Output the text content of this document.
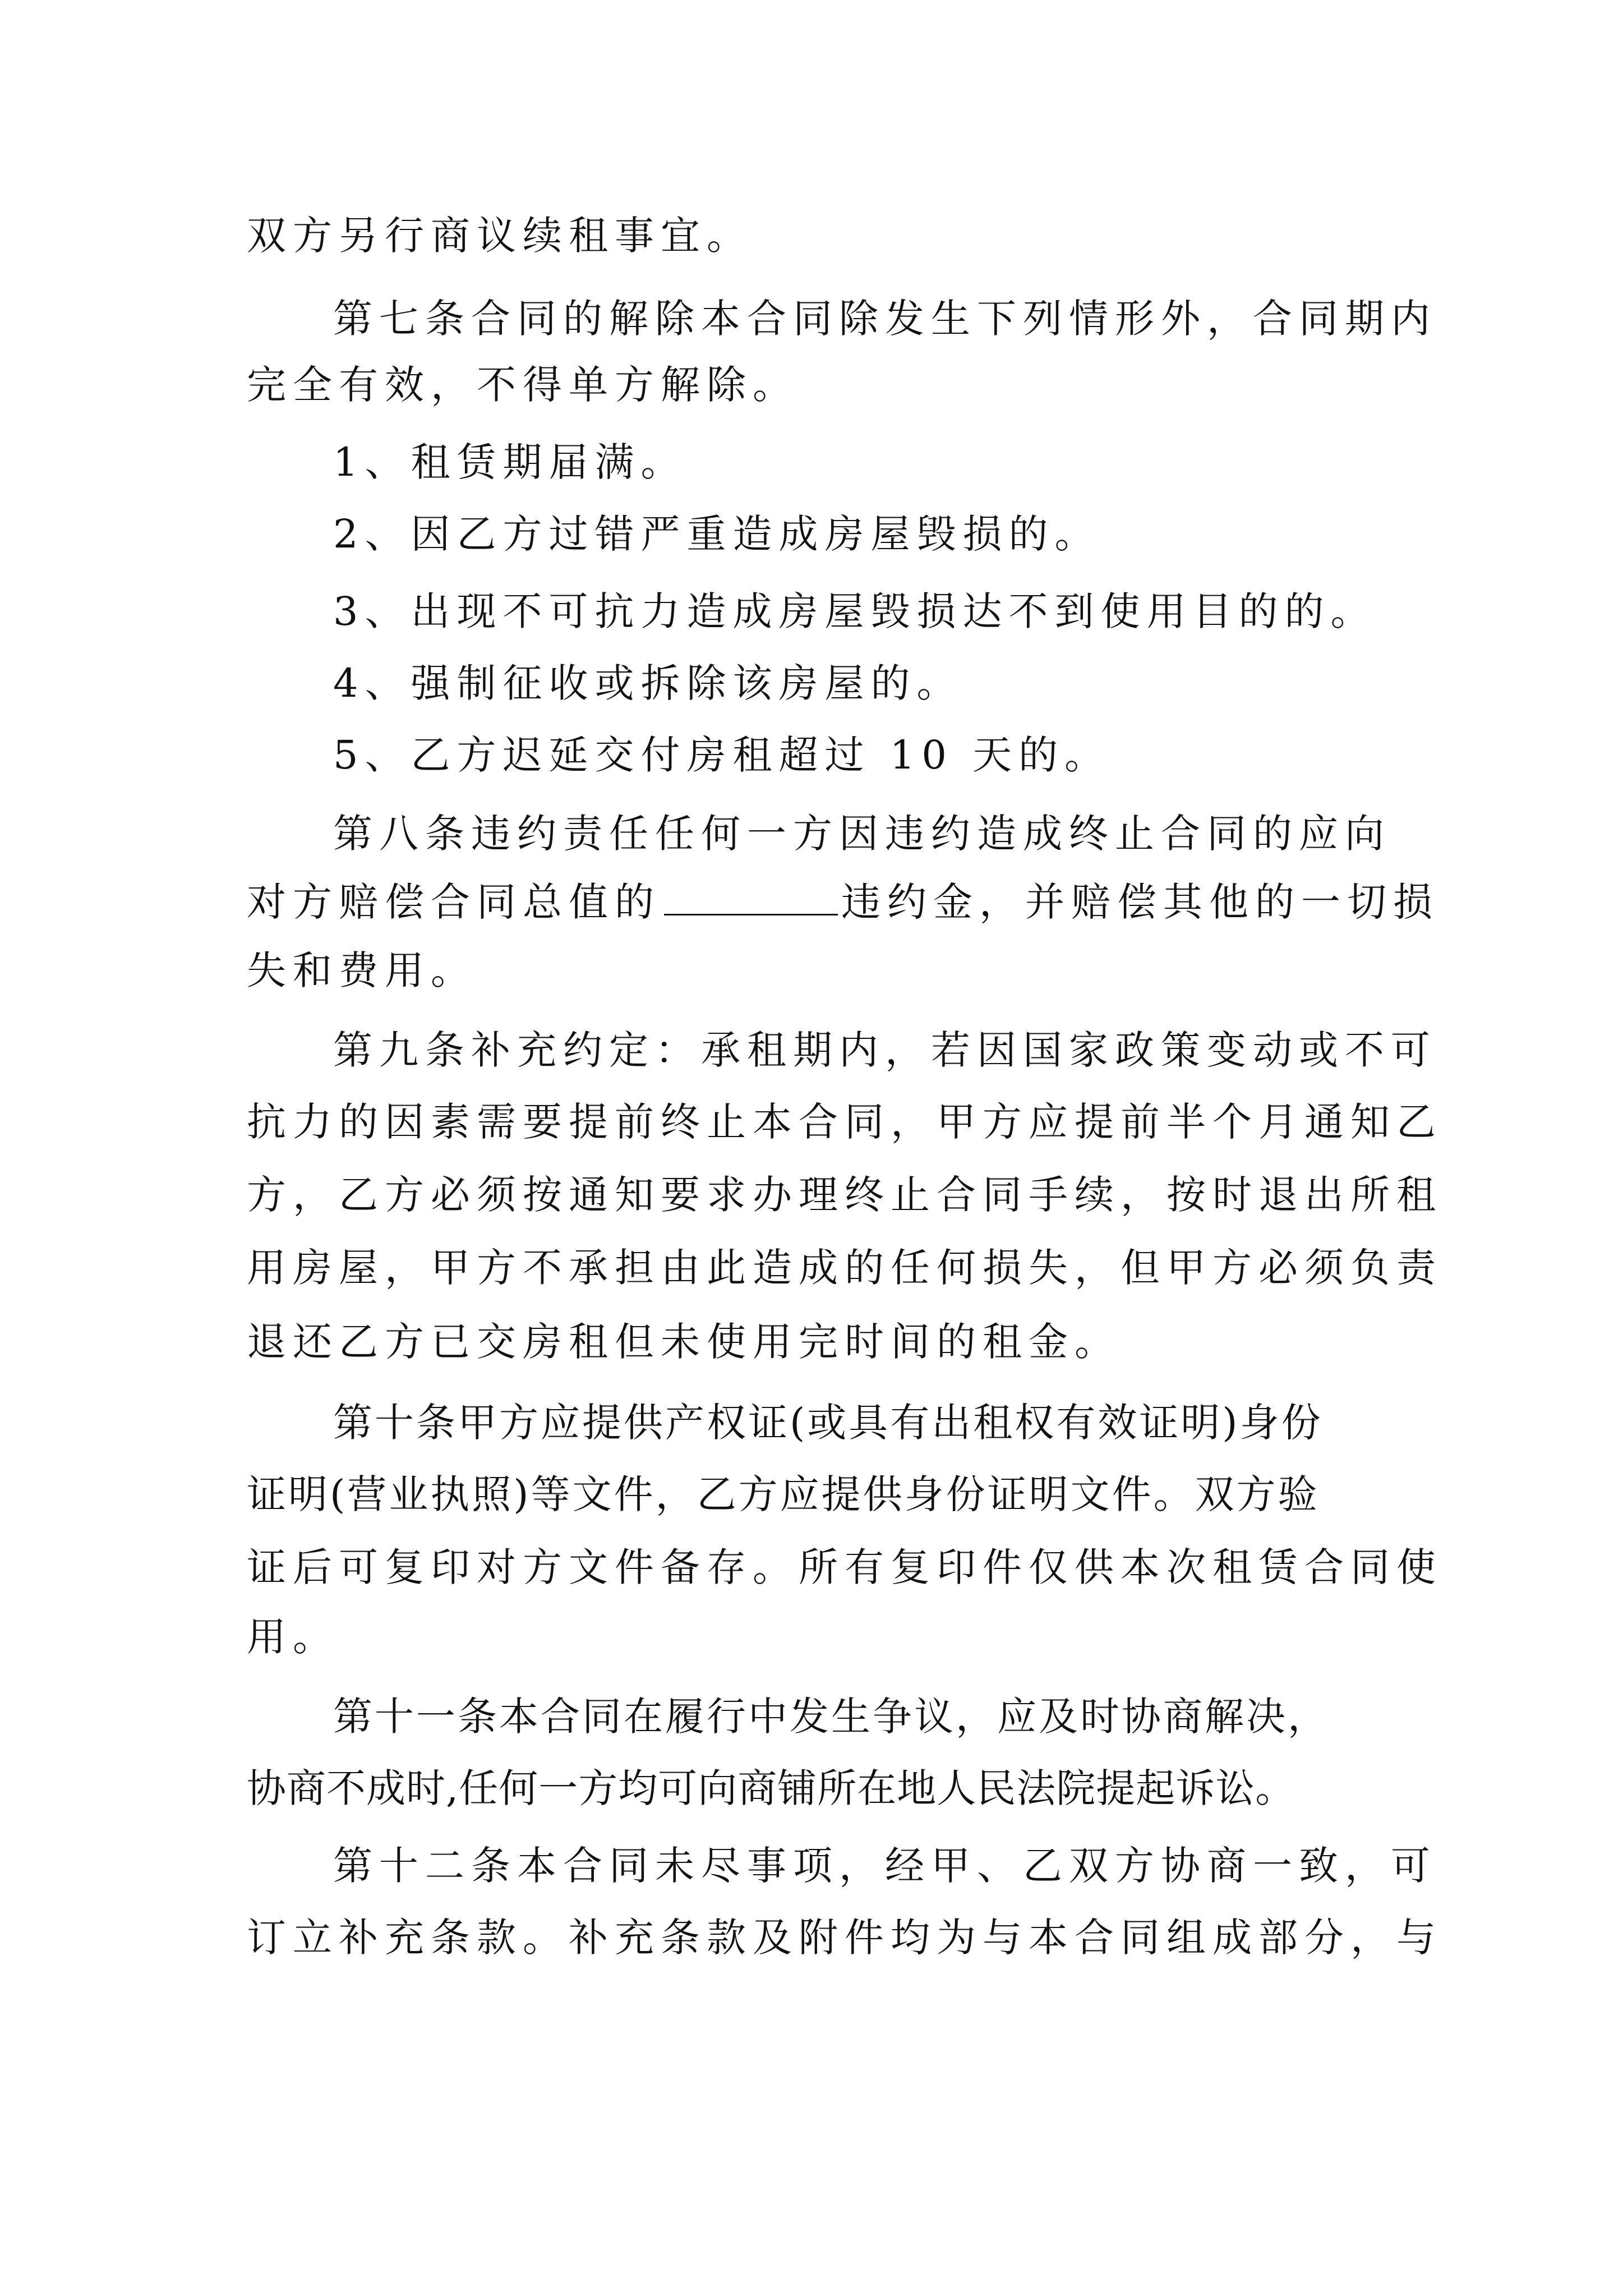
双方另行商议续租事宜。
第七条合同的解除本合同除发生下列情形外，合同期内
完全有效，不得单方解除。
1、租赁期届满。
2、因乙方过错严重造成房屋毁损的。
3、出现不可抗力造成房屋毁损达不到使用目的的。
4、强制征收或拆除该房屋的。
5、乙方迟延交付房租超过 10 天的。
第八条违约责任任何一方因违约造成终止合同的应向
对方赔偿合同总值的	违约金，并赔偿其他的一切损
失和费用。
第九条补充约定：承租期内，若因国家政策变动或不可
抗力的因素需要提前终止本合同，甲方应提前半个月通知乙
方，乙方必须按通知要求办理终止合同手续，按时退出所租
用房屋，甲方不承担由此造成的任何损失，但甲方必须负责
退还乙方已交房租但未使用完时间的租金。
第十条甲方应提供产权证(或具有出租权有效证明)身份
证明(营业执照)等文件，乙方应提供身份证明文件。双方验
证后可复印对方文件备存。所有复印件仅供本次租赁合同使
用。
第十一条本合同在履行中发生争议，应及时协商解决，
协商不成时,任何一方均可向商铺所在地人民法院提起诉讼。
第十二条本合同未尽事项，经甲、乙双方协商一致，可
订立补充条款。补充条款及附件均为与本合同组成部分，与
